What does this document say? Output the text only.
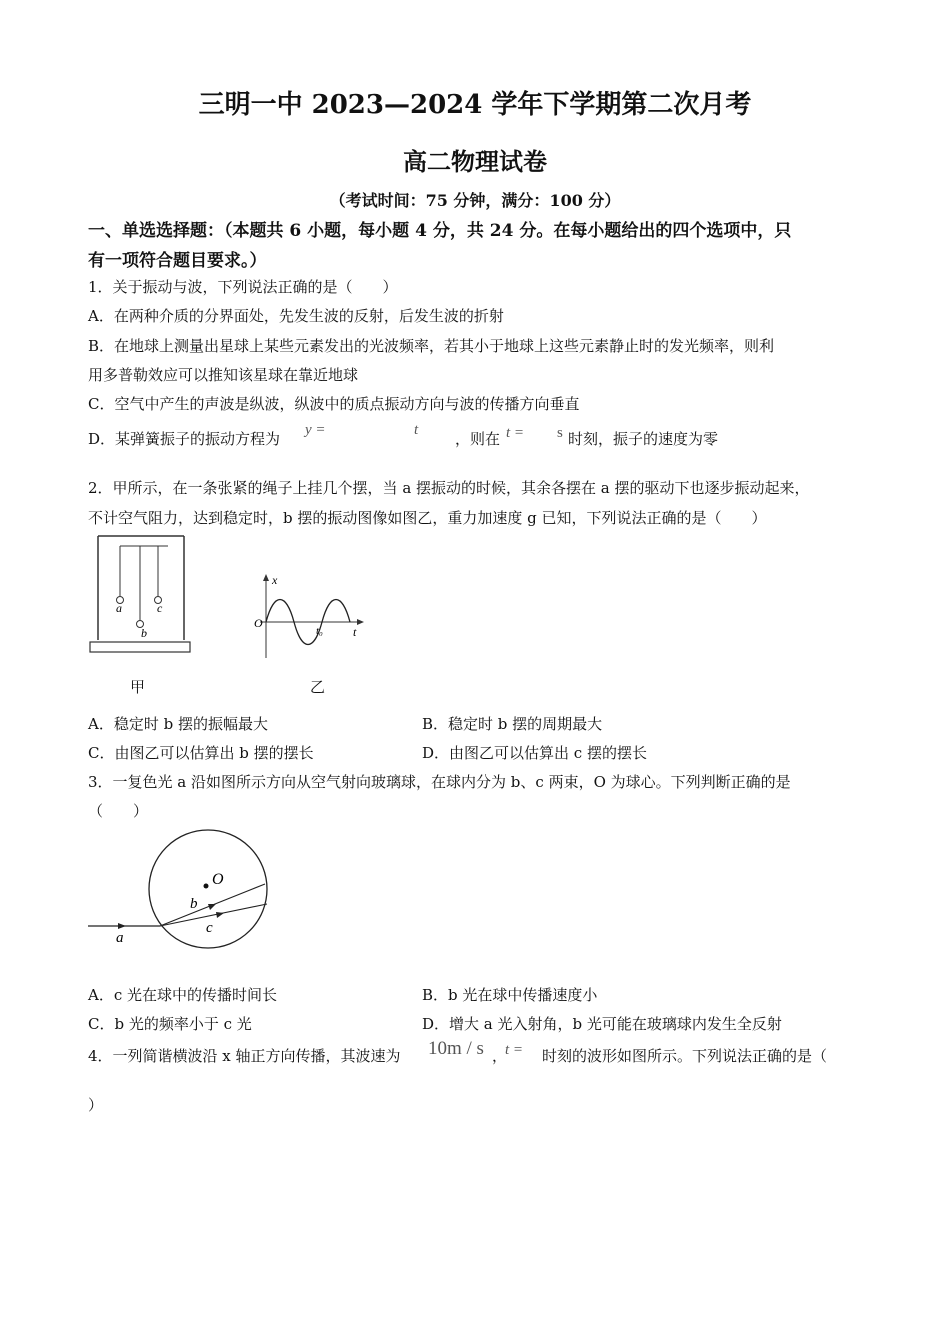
三明一中 2023—2024 学年下学期第二次月考
高二物理试卷
（考试时间：75 分钟，满分：100 分）
一、单选选择题：（本题共 6 小题，每小题 4 分，共 24 分。在每小题给出的四个选项中，只
有一项符合题目要求。）
1．关于振动与波，下列说法正确的是（　　）
A．在两种介质的分界面处，先发生波的反射，后发生波的折射
B．在地球上测量出星球上某些元素发出的光波频率，若其小于地球上这些元素静止时的发光频率，则利
用多普勒效应可以推知该星球在靠近地球
C．空气中产生的声波是纵波，纵波中的质点振动方向与波的传播方向垂直
D．某弹簧振子的振动方程为 y =	t ，则在 t = s 时刻，振子的速度为零
2．甲所示，在一条张紧的绳子上挂几个摆，当 a 摆振动的时候，其余各摆在 a 摆的驱动下也逐步振动起来，
不计空气阻力，达到稳定时，b 摆的振动图像如图乙，重力加速度 g 已知，下列说法正确的是（　　）
a
b
c
甲
x
O
t₀	t
乙
A．稳定时 b 摆的振幅最大	B．稳定时 b 摆的周期最大
C．由图乙可以估算出 b 摆的摆长	D．由图乙可以估算出 c 摆的摆长
3．一复色光 a 沿如图所示方向从空气射向玻璃球，在球内分为 b、c 两束，O 为球心。下列判断正确的是
（　　）
O
a
b
c
A．c 光在球中的传播时间长	B．b 光在球中传播速度小
C．b 光的频率小于 c 光	D．增大 a 光入射角，b 光可能在玻璃球内发生全反射
4．一列简谐横波沿 x 轴正方向传播，其波速为 10m / s ，
t = 时刻的波形如图所示。下列说法正确的是（
）
